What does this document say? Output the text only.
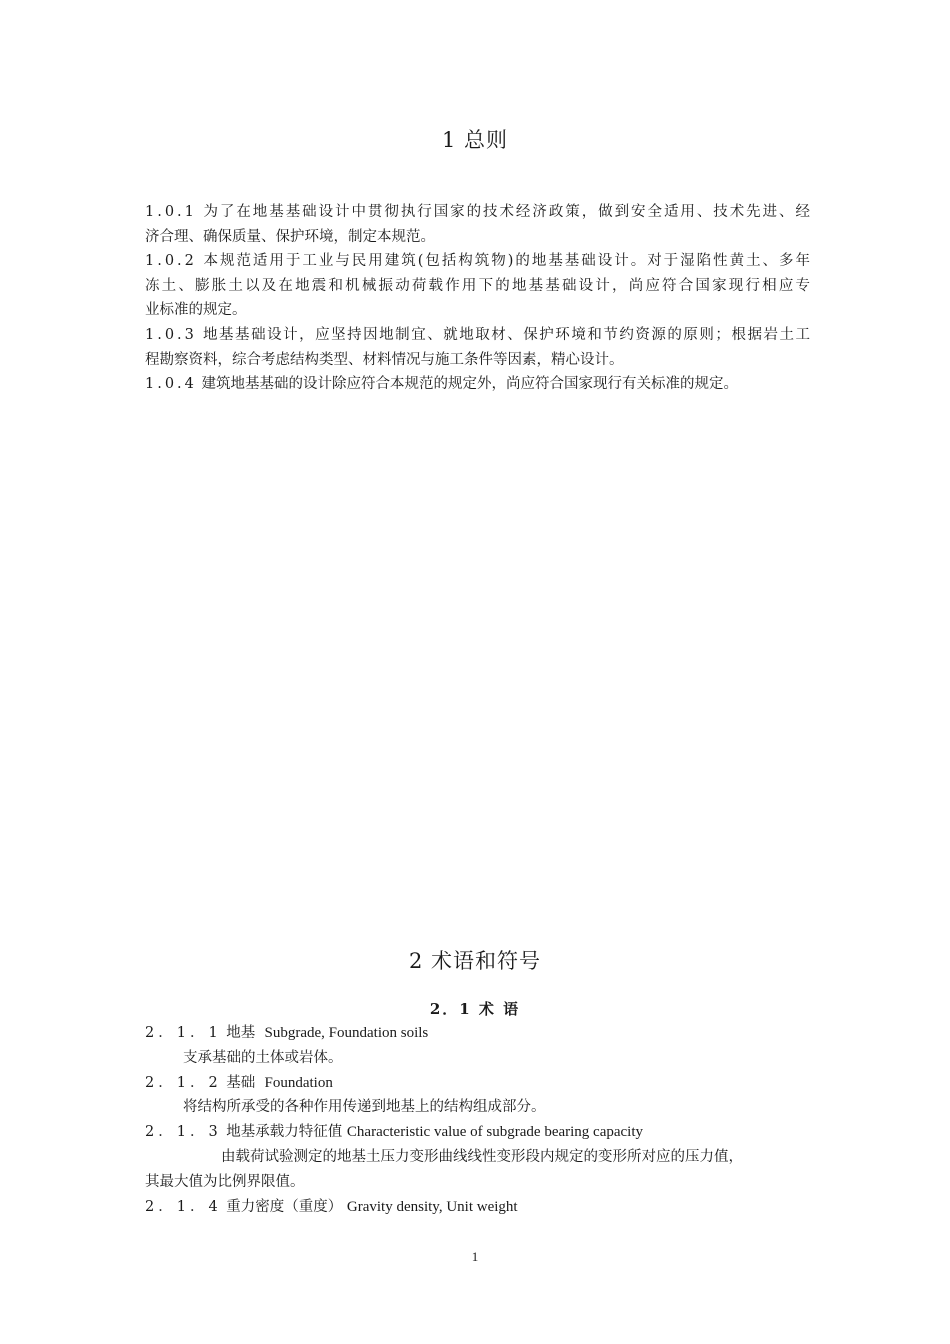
1 总则
1.0.1 为了在地基基础设计中贯彻执行国家的技术经济政策，做到安全适用、技术先进、经
济合理、确保质量、保护环境，制定本规范。
1.0.2 本规范适用于工业与民用建筑(包括构筑物)的地基基础设计。对于湿陷性黄土、多年
冻土、膨胀土以及在地震和机械振动荷载作用下的地基基础设计，尚应符合国家现行相应专
业标准的规定。
1.0.3 地基基础设计，应坚持因地制宜、就地取材、保护环境和节约资源的原则；根据岩土工
程勘察资料，综合考虑结构类型、材料情况与施工条件等因素，精心设计。
1.0.4 建筑地基基础的设计除应符合本规范的规定外，尚应符合国家现行有关标准的规定。
2 术语和符号
2．1 术 语
2．1．1 地基 Subgrade, Foundation soils
支承基础的土体或岩体。
2．1．2 基础 Foundation
将结构所承受的各种作用传递到地基上的结构组成部分。
2．1．3 地基承载力特征值 Characteristic value of subgrade bearing capacity
由载荷试验测定的地基土压力变形曲线线性变形段内规定的变形所对应的压力值，
其最大值为比例界限值。
2．1．4 重力密度（重度） Gravity density, Unit weight
1
